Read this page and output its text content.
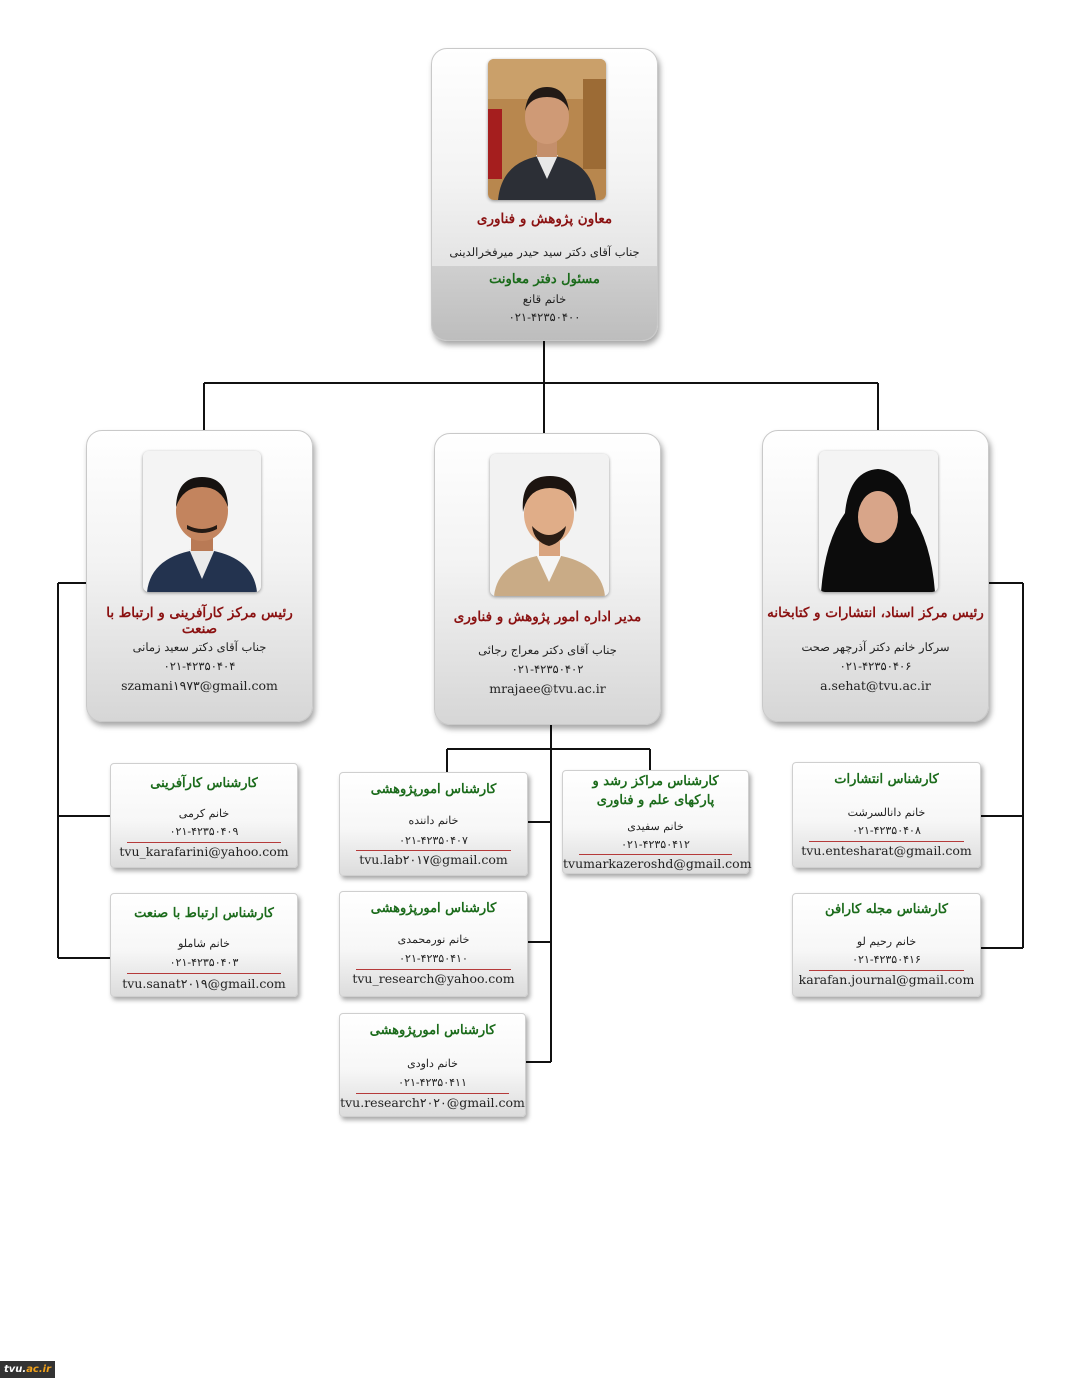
معاون پژوهش و فناوری
جناب آقای دکتر سید حیدر میرفخرالدینی
مسئول دفتر معاونت
خانم قانع
۰۲۱-۴۲۳۵۰۴۰۰
رئیس مرکز کارآفرینی و ارتباط با صنعت
جناب آقای دکتر سعید زمانی
۰۲۱-۴۲۳۵۰۴۰۴
szamani۱۹۷۳@gmail.com
مدیر اداره امور پژوهش و فناوری
جناب آقای دکتر معراج رجائی
۰۲۱-۴۲۳۵۰۴۰۲
mrajaee@tvu.ac.ir
رئیس مرکز اسناد، انتشارات و کتابخانه
سرکار خانم دکتر آذرچهر صحت
۰۲۱-۴۲۳۵۰۴۰۶
a.sehat@tvu.ac.ir
کارشناس کارآفرینی
خانم کرمی
۰۲۱-۴۲۳۵۰۴۰۹
tvu_karafarini@yahoo.com
کارشناس ارتباط با صنعت
خانم شاملو
۰۲۱-۴۲۳۵۰۴۰۳
tvu.sanat۲۰۱۹@gmail.com
کارشناس امورپژوهشی
خانم داننده
۰۲۱-۴۲۳۵۰۴۰۷
tvu.lab۲۰۱۷@gmail.com
کارشناس امورپژوهشی
خانم نورمحمدی
۰۲۱-۴۲۳۵۰۴۱۰
tvu_research@yahoo.com
کارشناس امورپژوهشی
خانم داودی
۰۲۱-۴۲۳۵۰۴۱۱
tvu.research۲۰۲۰@gmail.com
کارشناس مراکز رشد و
پارکهای علم و فناوری
خانم سفیدی
۰۲۱-۴۲۳۵۰۴۱۲
tvumarkazeroshd@gmail.com
کارشناس انتشارات
خانم دانالسرشت
۰۲۱-۴۲۳۵۰۴۰۸
tvu.entesharat@gmail.com
کارشناس مجله کارافن
خانم رحیم لو
۰۲۱-۴۲۳۵۰۴۱۶
karafan.journal@gmail.com
tvu.ac.ir
